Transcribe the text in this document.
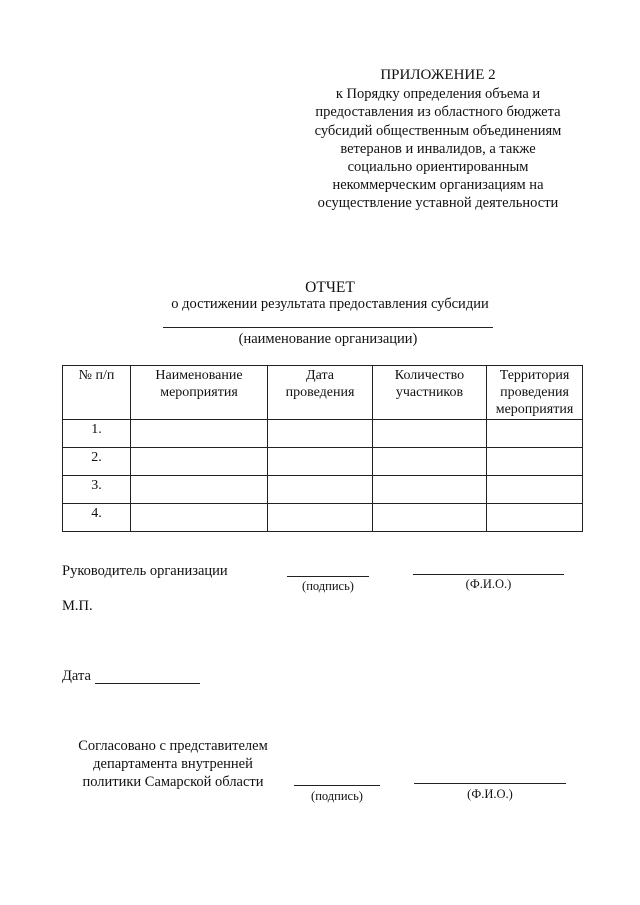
ПРИЛОЖЕНИЕ 2
к Порядку определения объема и
предоставления из областного бюджета
субсидий общественным объединениям
ветеранов и инвалидов, а также
социально ориентированным
некоммерческим организациям на
осуществление уставной деятельности
ОТЧЕТ
о достижении результата предоставления субсидии
(наименование организации)
№ п/п	Наименование мероприятия	Дата проведения	Количество участников	Территория проведения мероприятия
1.				
2.				
3.				
4.				
Руководитель организации
(подпись)	(Ф.И.О.)
М.П.
Дата
Согласовано с представителем
департамента внутренней
политики Самарской области
(подпись)	(Ф.И.О.)
